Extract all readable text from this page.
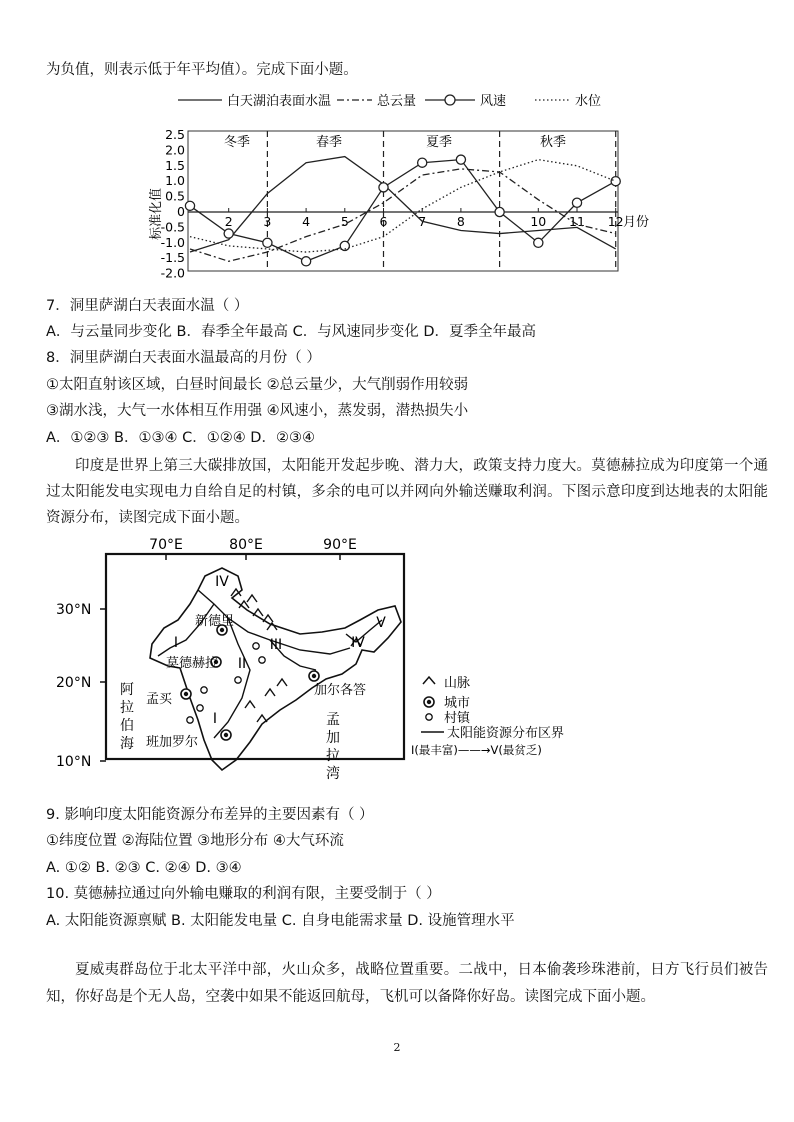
为负值，则表示低于年平均值）。完成下面小题。
白天湖泊表面水温	总云量	风速	水位
冬季	春季	夏季	秋季
2.5
2.0
1.5
1.0
0.5
0
-0.5
-1.0
-1.5
-2.0
标准化值	2 3 4 5 6 7 8	10 11 12 月份
7．洞里萨湖白天表面水温（ ）
A．与云量同步变化 B．春季全年最高 C．与风速同步变化 D．夏季全年最高
8．洞里萨湖白天表面水温最高的月份（ ）
①太阳直射该区域，白昼时间最长 ②总云量少，大气削弱作用较弱
③湖水浅，大气一水体相互作用强 ④风速小，蒸发弱，潜热损失小
A．①②③ B．①③④ C．①②④ D．②③④
印度是世界上第三大碳排放国，太阳能开发起步晚、潜力大，政策支持力度大。莫德赫拉成为印度第一个通过太阳能发电实现电力自给自足的村镇，多余的电可以并网向外输送赚取利润。下图示意印度到达地表的太阳能资源分布，读图完成下面小题。
70°E	80°E	90°E
30°N
20°N
10°N
新德里
莫德赫拉
孟买
班加罗尔
加尔各答
IV
I
II
III	IV
V
I
阿
拉
伯
海
孟
加
拉
湾
山脉
城市
村镇
太阳能资源分布区界
I(最丰富)——→V(最贫乏)
9. 影响印度太阳能资源分布差异的主要因素有（ ）
①纬度位置 ②海陆位置 ③地形分布 ④大气环流
A. ①② B. ②③ C. ②④ D. ③④
10. 莫德赫拉通过向外输电赚取的利润有限，主要受制于（ ）
A. 太阳能资源禀赋 B. 太阳能发电量 C. 自身电能需求量 D. 设施管理水平
夏威夷群岛位于北太平洋中部，火山众多，战略位置重要。二战中，日本偷袭珍珠港前，日方飞行员们被告知，你好岛是个无人岛，空袭中如果不能返回航母，飞机可以备降你好岛。读图完成下面小题。
2
